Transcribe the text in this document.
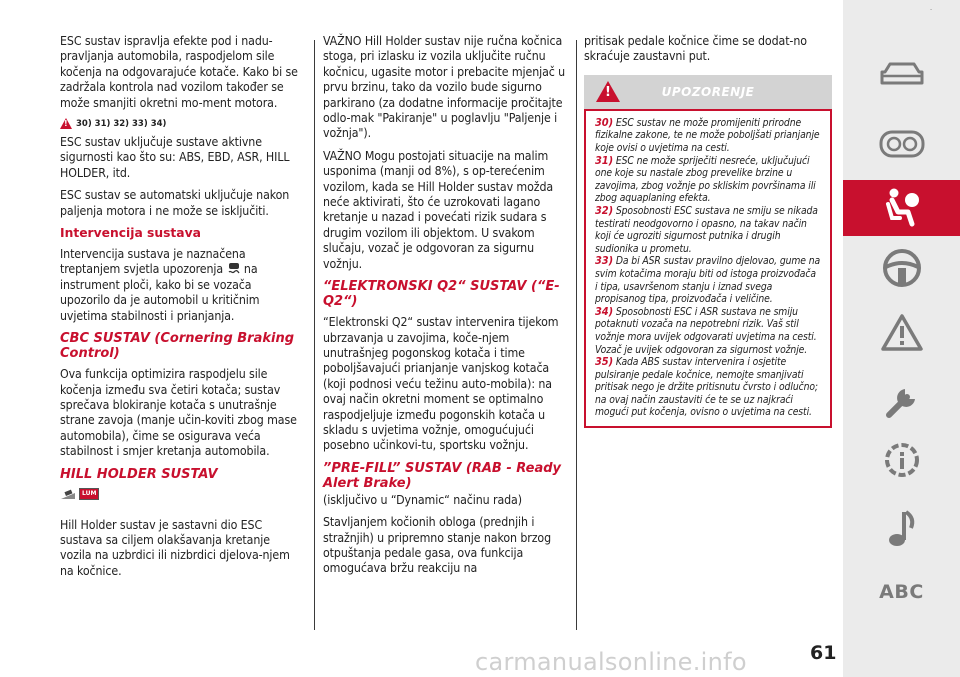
ESC sustav ispravlja efekte pod i nadu-pravljanja automobila, raspodjelom sile kočenja na odgovarajuće kotače. Kako bi se zadržala kontrola nad vozilom također se može smanjiti okretni mo-ment motora.

!
30) 31) 32) 33) 34)

ESC sustav uključuje sustave aktivne sigurnosti kao što su: ABS, EBD, ASR, HILL HOLDER, itd.

ESC sustav se automatski uključuje nakon paljenja motora i ne može se isključiti.

Intervencija sustava

Intervencija sustava je naznačena treptanjem svjetla upozorenja na instrument ploči, kako bi se vozača upozorilo da je automobil u kritičnim uvjetima stabilnosti i prianjanja.

CBC SUSTAV (Cornering Braking Control)

Ova funkcija optimizira raspodjelu sile kočenja između sva četiri kotača; sustav sprečava blokiranje kotača s unutrašnje strane zavoja (manje učin-koviti zbog mase automobila), čime se osigurava veća stabilnost i smjer kretanja automobila.

HILL HOLDER SUSTAV
LUM

Hill Holder sustav je sastavni dio ESC sustava sa ciljem olakšavanja kretanje vozila na uzbrdici ili nizbrdici djelova-njem na kočnice.

VAŽNO Hill Holder sustav nije ručna kočnica stoga, pri izlasku iz vozila uključite ručnu kočnicu, ugasite motor i prebacite mjenjač u prvu brzinu, tako da vozilo bude sigurno parkirano (za dodatne informacije pročitajte odlo-mak "Pakiranje" u poglavlju "Paljenje i vožnja").

VAŽNO Mogu postojati situacije na malim usponima (manji od 8%), s op-terećenim vozilom, kada se Hill Holder sustav možda neće aktivirati, što će uzrokovati lagano kretanje u nazad i povećati rizik sudara s drugim vozilom ili objektom. U svakom slučaju, vozač je odgovoran za sigurnu vožnju.

“ELEKTRONSKI Q2“ SUSTAV (“E-Q2“)

“Elektronski Q2“ sustav intervenira tijekom ubrzavanja u zavojima, koče-njem unutrašnjeg pogonskog kotača i time poboljšavajući prianjanje vanjskog kotača (koji podnosi veću težinu auto-mobila): na ovaj način okretni moment se optimalno raspodjeljuje između pogonskih kotača u skladu s uvjetima vožnje, omogućujući posebno učinkovi-tu, sportsku vožnju.

”PRE-FILL” SUSTAV (RAB - Ready Alert Brake)

(isključivo u “Dynamic“ načinu rada)

Stavljanjem kočionih obloga (prednjih i stražnjih) u pripremno stanje nakon brzog otpuštanja pedale gasa, ova funkcija omogućava bržu reakciju na

pritisak pedale kočnice čime se dodat-no skraćuje zaustavni put.

!
UPOZORENJE

30) ESC sustav ne može promijeniti prirodne fizikalne zakone, te ne može poboljšati prianjanje koje ovisi o uvjetima na cesti.

31) ESC ne može spriječiti nesreće, uključujući one koje su nastale zbog prevelike brzine u zavojima, zbog vožnje po skliskim površinama ili zbog aquaplaning efekta.

32) Sposobnosti ESC sustava ne smiju se nikada testirati neodgovorno i opasno, na takav način koji će ugroziti sigurnost putnika i drugih sudionika u prometu.

33) Da bi ASR sustav pravilno djelovao, gume na svim kotačima moraju biti od istoga proizvođača i tipa, usavršenom stanju i iznad svega propisanog tipa, proizvođača i veličine.

34) Sposobnosti ESC i ASR sustava ne smiju potaknuti vozača na nepotrebni rizik. Vaš stil vožnje mora uvijek odgovarati uvjetima na cesti. Vozač je uvijek odgovoran za sigurnost vožnje.

35) Kada ABS sustav intervenira i osjetite pulsiranje pedale kočnice, nemojte smanjivati pritisak nego je držite pritisnutu čvrsto i odlučno; na ovaj način zaustaviti će te se uz najkraći mogući put kočenja, ovisno o uvjetima na cesti.

ABC
-
carmanualsonline.info	61
